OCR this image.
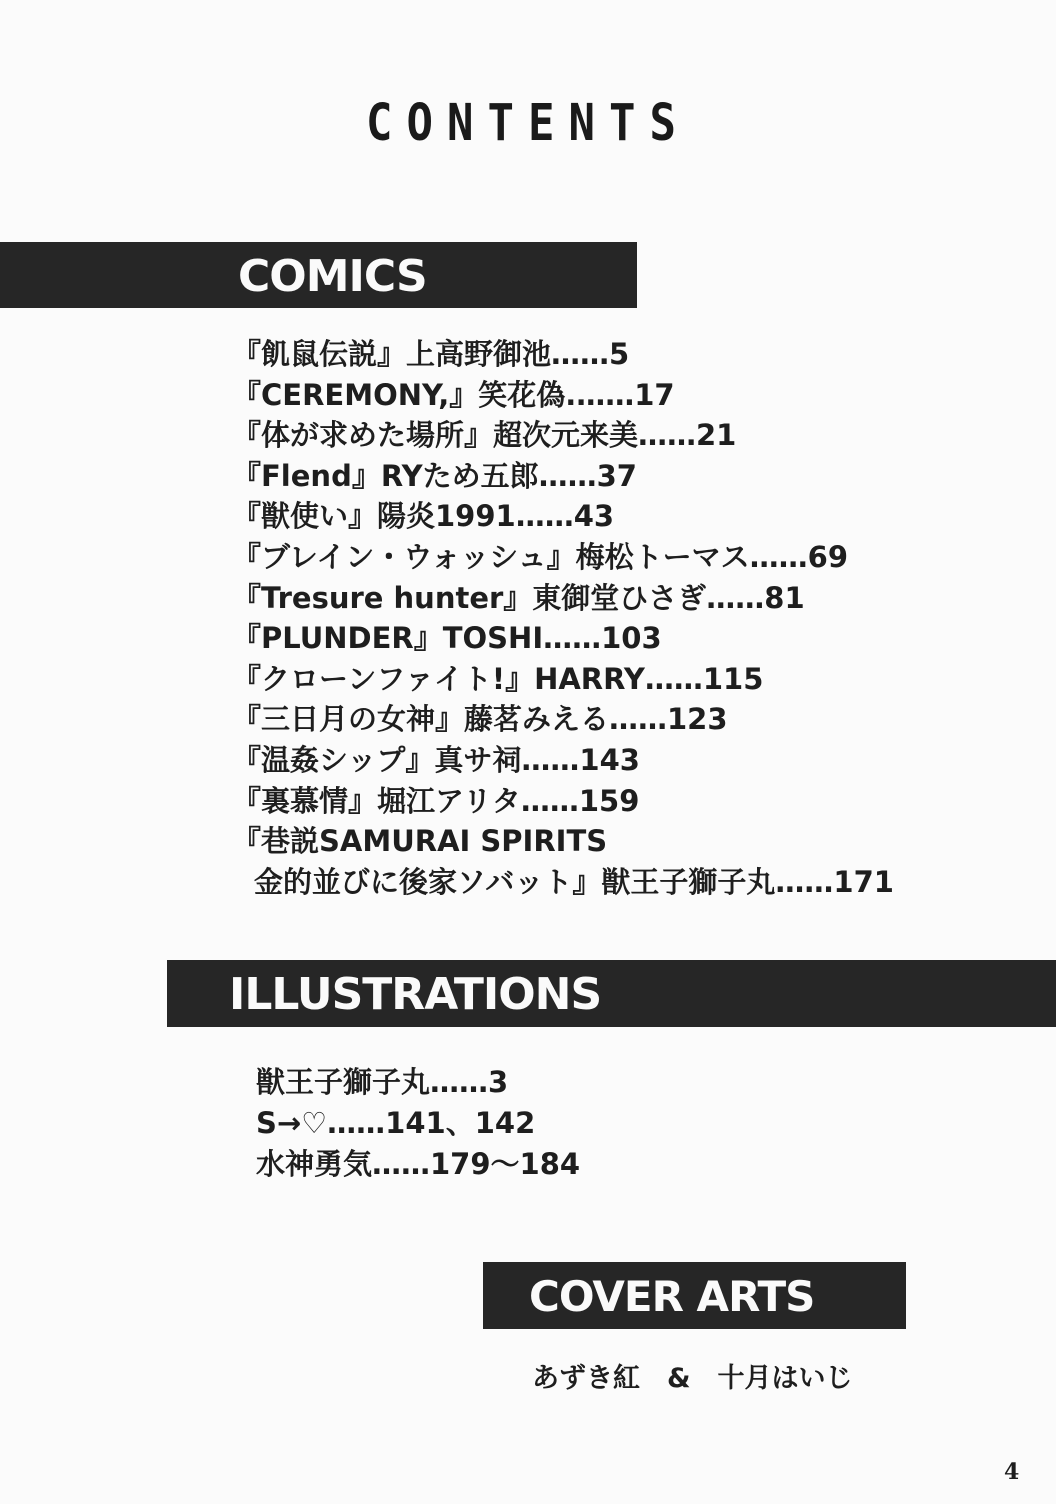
CONTENTS
COMICS
『飢鼠伝説』上高野御池……5
『CEREMONY,』笑花偽.……17
『体が求めた場所』超次元来美……21
『Flend』RYため五郎……37
『獣使い』陽炎1991……43
『ブレイン・ウォッシュ』梅松トーマス……69
『Tresure hunter』東御堂ひさぎ……81
『PLUNDER』TOSHI……103
『クローンファイト!』HARRY……115
『三日月の女神』藤茗みえる……123
『温姦シップ』真サ祠……143
『裏慕情』堀江アリタ……159
『巷説SAMURAI SPIRITS
金的並びに後家ソバット』獣王子獅子丸……171
ILLUSTRATIONS
獣王子獅子丸……3
S→♡……141、142
水神勇気……179〜184
COVER ARTS
あずき紅　&　十月はいじ
4
